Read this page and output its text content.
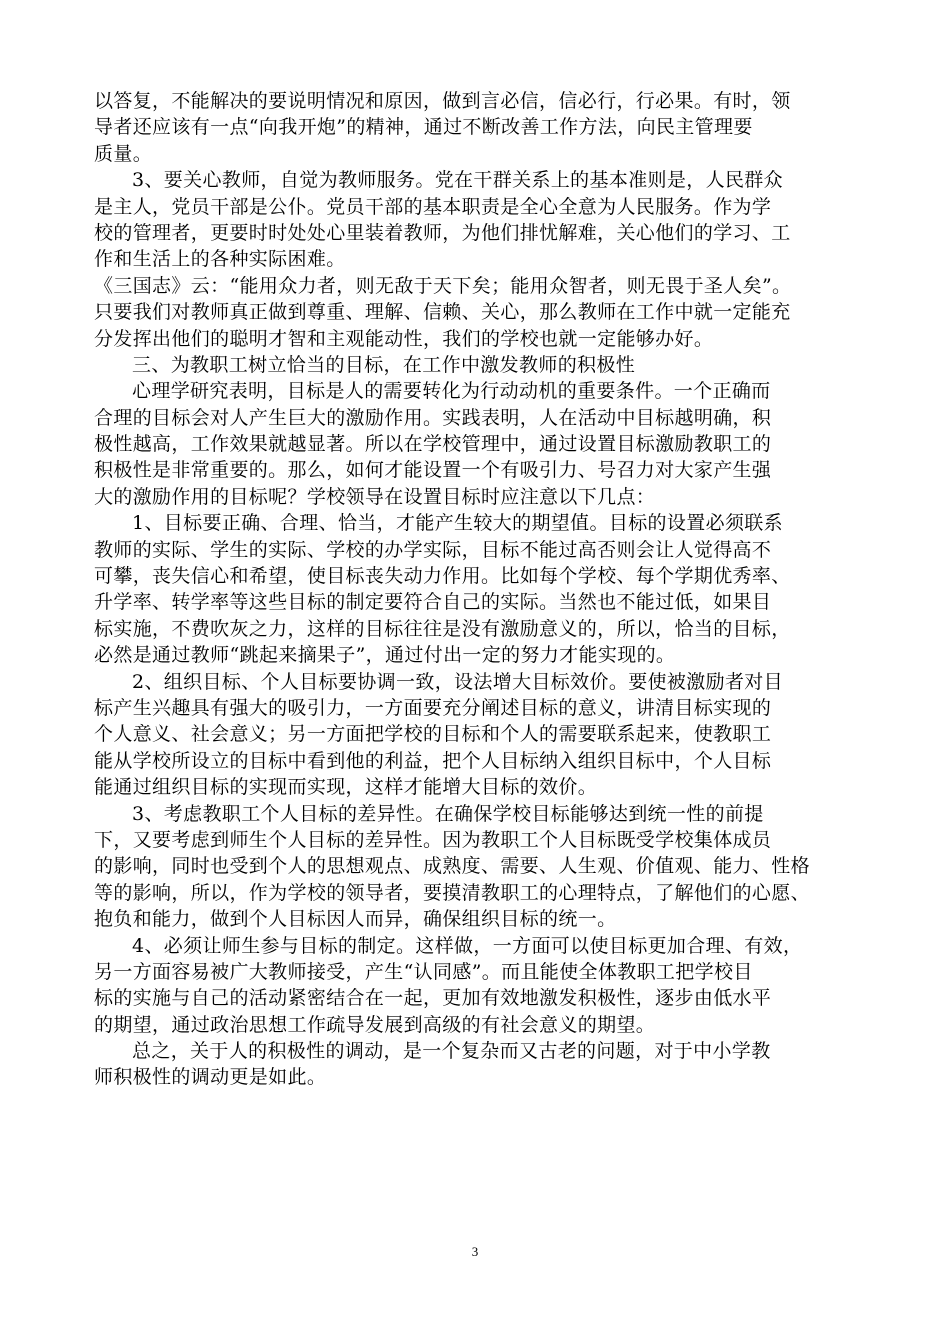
以答复，不能解决的要说明情况和原因，做到言必信，信必行，行必果。有时，领
导者还应该有一点“向我开炮”的精神，通过不断改善工作方法，向民主管理要
质量。
3、要关心教师，自觉为教师服务。党在干群关系上的基本准则是，人民群众
是主人，党员干部是公仆。党员干部的基本职责是全心全意为人民服务。作为学
校的管理者，更要时时处处心里装着教师，为他们排忧解难，关心他们的学习、工
作和生活上的各种实际困难。
《三国志》云：“能用众力者，则无敌于天下矣；能用众智者，则无畏于圣人矣”。
只要我们对教师真正做到尊重、理解、信赖、关心，那么教师在工作中就一定能充
分发挥出他们的聪明才智和主观能动性，我们的学校也就一定能够办好。
三、为教职工树立恰当的目标，在工作中激发教师的积极性
心理学研究表明，目标是人的需要转化为行动动机的重要条件。一个正确而
合理的目标会对人产生巨大的激励作用。实践表明，人在活动中目标越明确，积
极性越高，工作效果就越显著。所以在学校管理中，通过设置目标激励教职工的
积极性是非常重要的。那么，如何才能设置一个有吸引力、号召力对大家产生强
大的激励作用的目标呢？学校领导在设置目标时应注意以下几点：
1、目标要正确、合理、恰当，才能产生较大的期望值。目标的设置必须联系
教师的实际、学生的实际、学校的办学实际，目标不能过高否则会让人觉得高不
可攀，丧失信心和希望，使目标丧失动力作用。比如每个学校、每个学期优秀率、
升学率、转学率等这些目标的制定要符合自己的实际。当然也不能过低，如果目
标实施，不费吹灰之力，这样的目标往往是没有激励意义的，所以，恰当的目标，
必然是通过教师“跳起来摘果子”，通过付出一定的努力才能实现的。
2、组织目标、个人目标要协调一致，设法增大目标效价。要使被激励者对目
标产生兴趣具有强大的吸引力，一方面要充分阐述目标的意义，讲清目标实现的
个人意义、社会意义；另一方面把学校的目标和个人的需要联系起来，使教职工
能从学校所设立的目标中看到他的利益，把个人目标纳入组织目标中，个人目标
能通过组织目标的实现而实现，这样才能增大目标的效价。
3、考虑教职工个人目标的差异性。在确保学校目标能够达到统一性的前提
下，又要考虑到师生个人目标的差异性。因为教职工个人目标既受学校集体成员
的影响，同时也受到个人的思想观点、成熟度、需要、人生观、价值观、能力、性格
等的影响，所以，作为学校的领导者，要摸清教职工的心理特点，了解他们的心愿、
抱负和能力，做到个人目标因人而异，确保组织目标的统一。
4、必须让师生参与目标的制定。这样做，一方面可以使目标更加合理、有效，
另一方面容易被广大教师接受，产生“认同感”。而且能使全体教职工把学校目
标的实施与自己的活动紧密结合在一起，更加有效地激发积极性，逐步由低水平
的期望，通过政治思想工作疏导发展到高级的有社会意义的期望。
总之，关于人的积极性的调动，是一个复杂而又古老的问题，对于中小学教
师积极性的调动更是如此。
3
